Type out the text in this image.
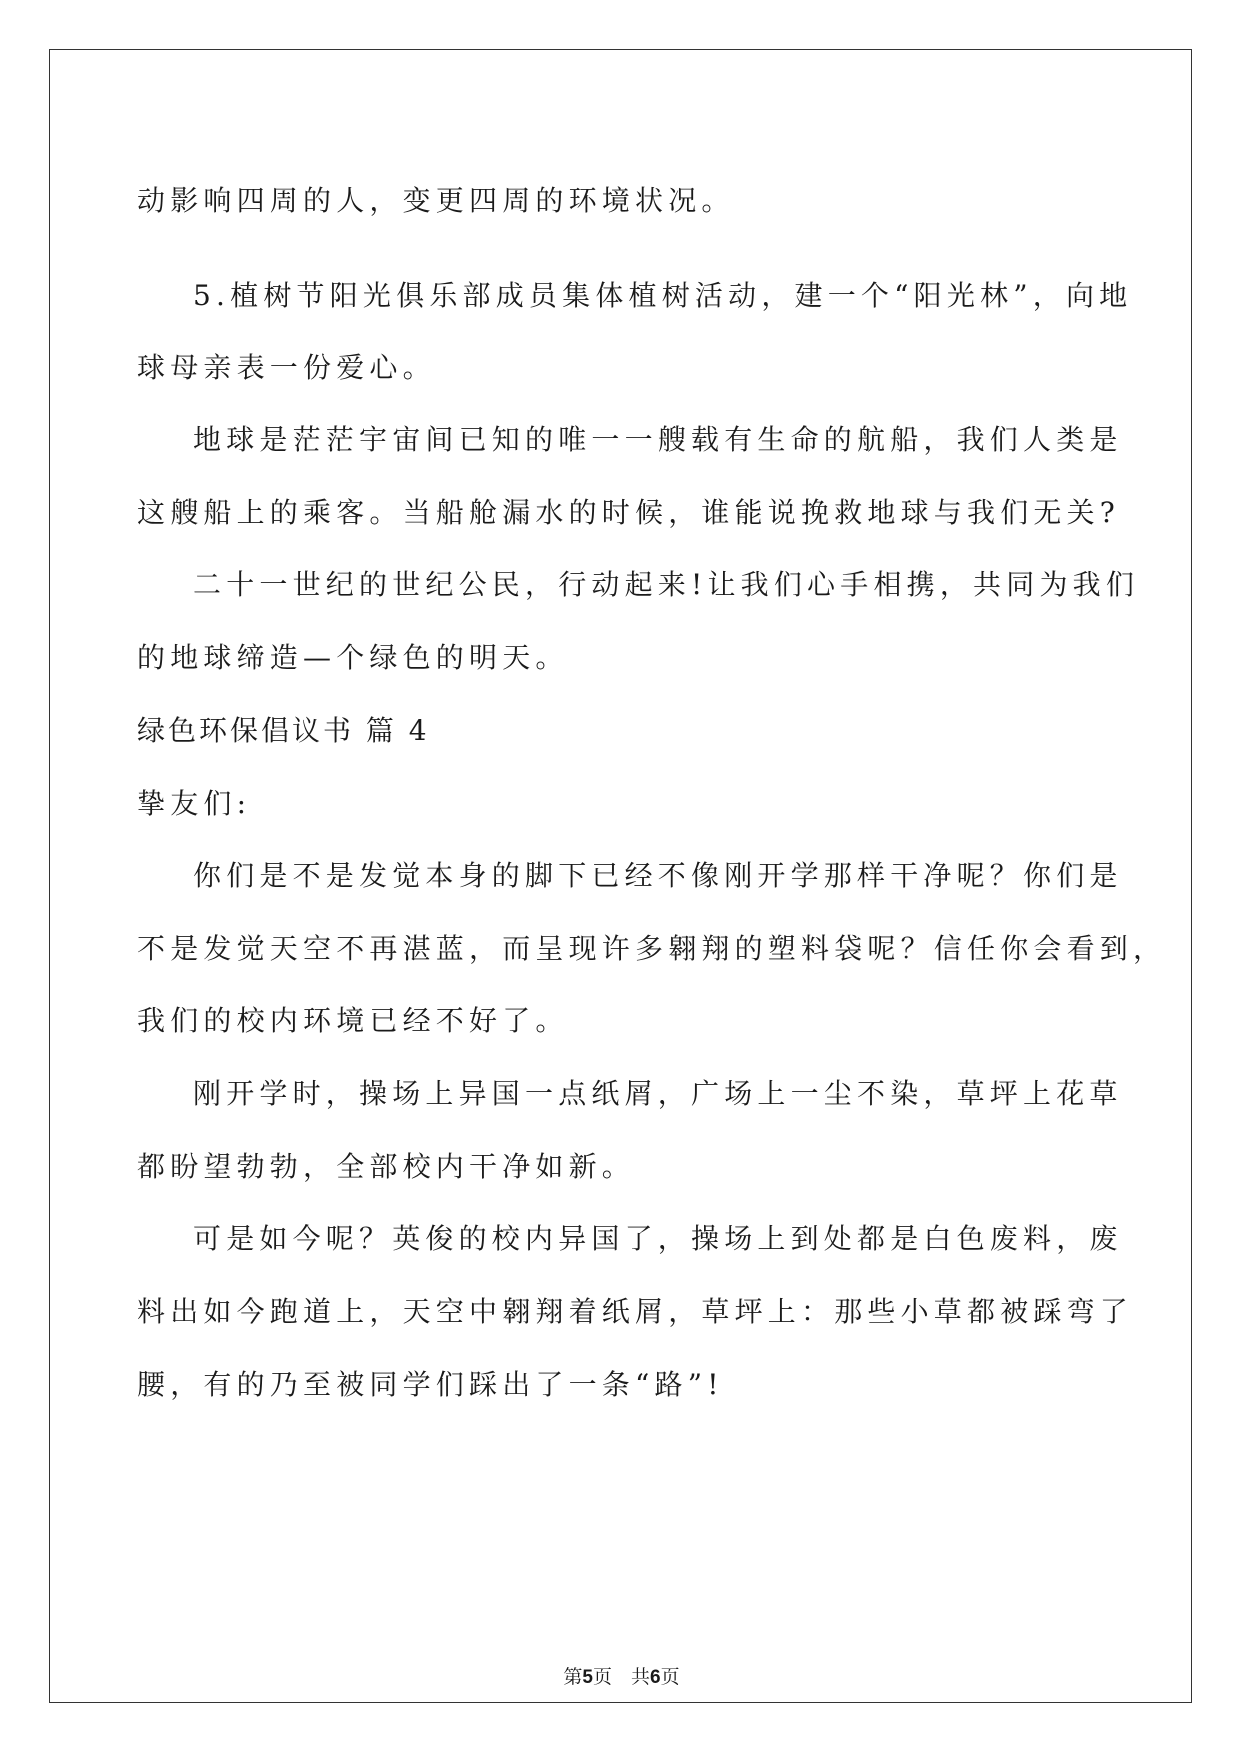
动影响四周的人，变更四周的环境状况。
5.植树节阳光俱乐部成员集体植树活动，建一个“阳光林”，向地
球母亲表一份爱心。
地球是茫茫宇宙间已知的唯一一艘载有生命的航船，我们人类是
这艘船上的乘客。当船舱漏水的时候，谁能说挽救地球与我们无关?
二十一世纪的世纪公民，行动起来!让我们心手相携，共同为我们
的地球缔造—个绿色的明天。
绿色环保倡议书 篇 4
挚友们:
你们是不是发觉本身的脚下已经不像刚开学那样干净呢？你们是
不是发觉天空不再湛蓝，而呈现许多翱翔的塑料袋呢？信任你会看到，
我们的校内环境已经不好了。
刚开学时，操场上异国一点纸屑，广场上一尘不染，草坪上花草
都盼望勃勃，全部校内干净如新。
可是如今呢？英俊的校内异国了，操场上到处都是白色废料，废
料出如今跑道上，天空中翱翔着纸屑，草坪上：那些小草都被踩弯了
腰，有的乃至被同学们踩出了一条“路”!
第5页　共6页
